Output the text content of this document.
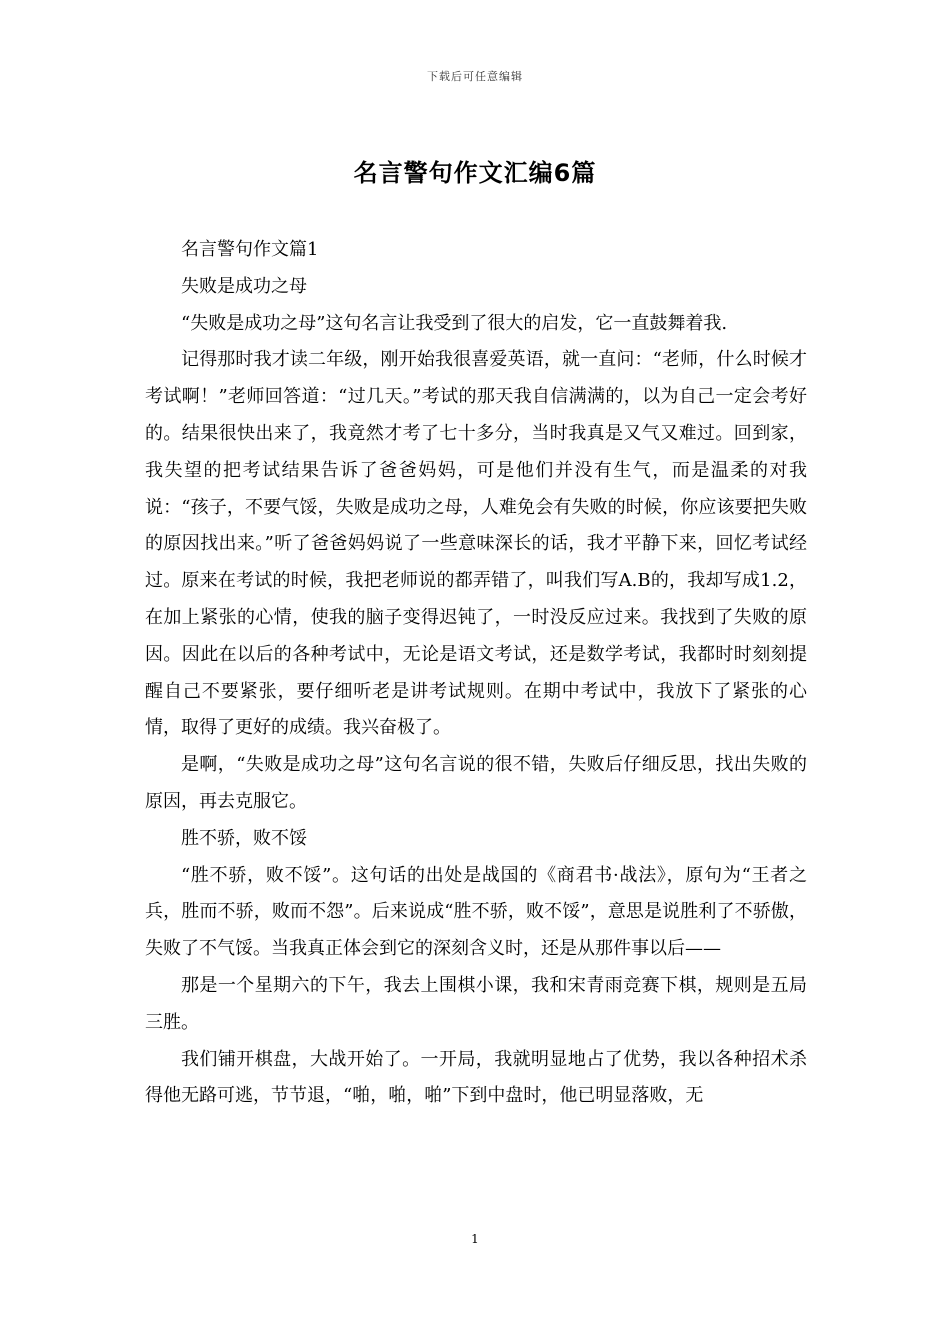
下载后可任意编辑
名言警句作文汇编6篇

名言警句作文篇1

失败是成功之母

“失败是成功之母”这句名言让我受到了很大的启发，它一直鼓舞着我.

记得那时我才读二年级，刚开始我很喜爱英语，就一直问：“老师，什么时候才考试啊！”老师回答道：“过几天。”考试的那天我自信满满的，以为自己一定会考好的。结果很快出来了，我竟然才考了七十多分，当时我真是又气又难过。回到家，我失望的把考试结果告诉了爸爸妈妈，可是他们并没有生气，而是温柔的对我说：“孩子，不要气馁，失败是成功之母，人难免会有失败的时候，你应该要把失败的原因找出来。”听了爸爸妈妈说了一些意味深长的话，我才平静下来，回忆考试经过。原来在考试的时候，我把老师说的都弄错了，叫我们写A.B的，我却写成1.2，在加上紧张的心情，使我的脑子变得迟钝了，一时没反应过来。我找到了失败的原因。因此在以后的各种考试中，无论是语文考试，还是数学考试，我都时时刻刻提醒自己不要紧张，要仔细听老是讲考试规则。在期中考试中，我放下了紧张的心情，取得了更好的成绩。我兴奋极了。

是啊，“失败是成功之母”这句名言说的很不错，失败后仔细反思，找出失败的原因，再去克服它。

胜不骄，败不馁

“胜不骄，败不馁”。这句话的出处是战国的《商君书·战法》，原句为“王者之兵，胜而不骄，败而不怨”。后来说成“胜不骄，败不馁”，意思是说胜利了不骄傲，失败了不气馁。当我真正体会到它的深刻含义时，还是从那件事以后——

那是一个星期六的下午，我去上围棋小课，我和宋青雨竞赛下棋，规则是五局三胜。

我们铺开棋盘，大战开始了。一开局，我就明显地占了优势，我以各种招术杀得他无路可逃，节节退，“啪，啪，啪”下到中盘时，他已明显落败，无

1
